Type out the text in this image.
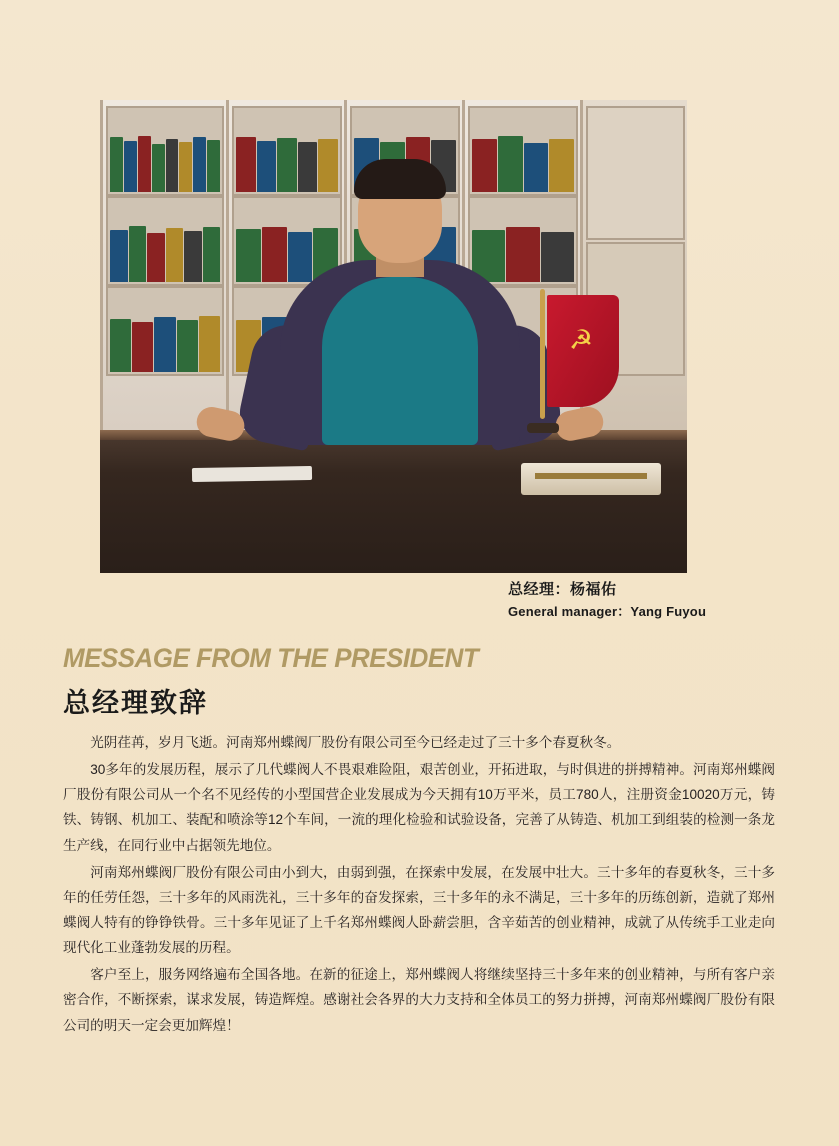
☭
总经理：杨福佑
General manager：Yang Fuyou
MESSAGE FROM THE PRESIDENT
总经理致辞

光阴荏苒，岁月飞逝。河南郑州蝶阀厂股份有限公司至今已经走过了三十多个春夏秋冬。

30多年的发展历程，展示了几代蝶阀人不畏艰难险阻，艰苦创业，开拓进取，与时俱进的拼搏精神。河南郑州蝶阀厂股份有限公司从一个名不见经传的小型国营企业发展成为今天拥有10万平米，员工780人，注册资金10020万元，铸铁、铸钢、机加工、装配和喷涂等12个车间，一流的理化检验和试验设备，完善了从铸造、机加工到组装的检测一条龙生产线，在同行业中占据领先地位。

河南郑州蝶阀厂股份有限公司由小到大，由弱到强，在探索中发展，在发展中壮大。三十多年的春夏秋冬，三十多年的任劳任怨，三十多年的风雨洗礼，三十多年的奋发探索，三十多年的永不满足，三十多年的历练创新，造就了郑州蝶阀人特有的铮铮铁骨。三十多年见证了上千名郑州蝶阀人卧薪尝胆，含辛茹苦的创业精神，成就了从传统手工业走向现代化工业蓬勃发展的历程。

客户至上，服务网络遍布全国各地。在新的征途上，郑州蝶阀人将继续坚持三十多年来的创业精神，与所有客户亲密合作，不断探索，谋求发展，铸造辉煌。感谢社会各界的大力支持和全体员工的努力拼搏，河南郑州蝶阀厂股份有限公司的明天一定会更加辉煌！
